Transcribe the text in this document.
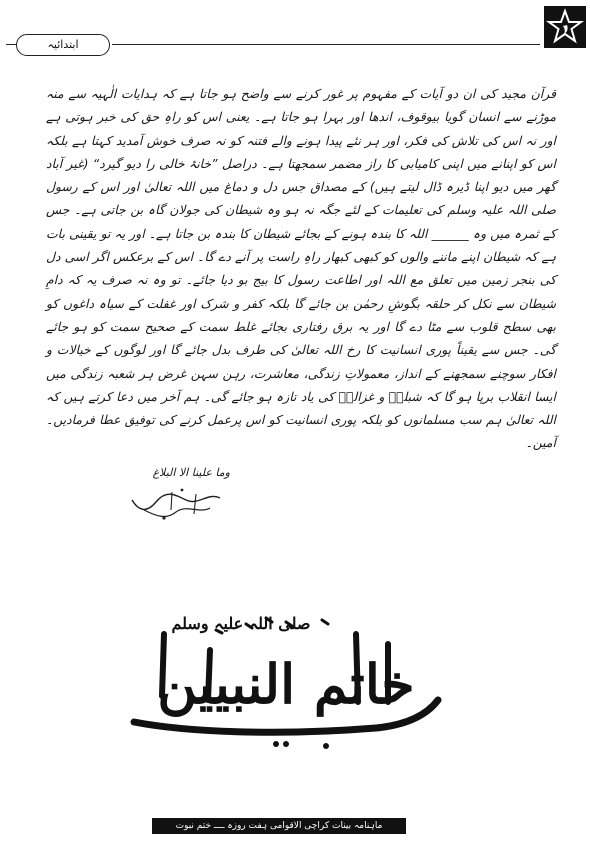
ابتدائیہ

قرآن مجید کی ان دو آیات کے مفہوم پر غور کرنے سے واضح ہو جاتا ہے کہ ہدایات الٰہیہ سے منہ موڑنے سے انسان گویا بیوقوف، اندھا اور بہرا ہو جاتا ہے۔ یعنی اس کو راہِ حق کی خبر ہوتی ہے اور نہ اس کی تلاش کی فکر، اور ہر نئے پیدا ہونے والے فتنہ کو نہ صرف خوش آمدید کہتا ہے بلکہ اس کو اپنانے میں اپنی کامیابی کا راز مضمر سمجھتا ہے۔ دراصل ”خانۂ خالی را دیو گیرد“ (غیر آباد گھر میں دیو اپنا ڈیرہ ڈال لیتے ہیں) کے مصداق جس دل و دماغ میں اللہ تعالیٰ اور اس کے رسول صلی اللہ علیہ وسلم کی تعلیمات کے لئے جگہ نہ ہو وہ شیطان کی جولان گاہ بن جاتی ہے۔ جس کے ثمرہ میں وہ ______ اللہ کا بندہ ہونے کے بجائے شیطان کا بندہ بن جاتا ہے۔ اور یہ تو یقینی بات ہے کہ شیطان اپنے ماننے والوں کو کبھی کبھار راہِ راست پر آنے دے گا۔ اس کے برعکس اگر اسی دل کی بنجر زمین میں تعلق مع اللہ اور اطاعت رسول کا بیج بو دیا جائے۔ تو وہ نہ صرف یہ کہ دامِ شیطان سے نکل کر حلقہ بگوشِ رحمٰن بن جائے گا بلکہ کفر و شرک اور غفلت کے سیاہ داغوں کو بھی سطح قلوب سے مٹا دے گا اور یہ برق رفتاری بجائے غلط سمت کے صحیح سمت کو ہو جائے گی۔ جس سے یقیناً پوری انسانیت کا رخ اللہ تعالیٰ کی طرف بدل جائے گا اور لوگوں کے خیالات و افکار سوچنے سمجھنے کے انداز، معمولاتِ زندگی، معاشرت، رہن سہن غرض ہر شعبہ زندگی میں ایسا انقلاب برپا ہو گا کہ شبلیؒ و غزالیؒ کی یاد تازہ ہو جائے گی۔ ہم آخر میں دعا کرتے ہیں کہ اللہ تعالیٰ ہم سب مسلمانوں کو بلکہ پوری انسانیت کو اس پرعمل کرنے کی توفیق عطا فرمادیں۔ آمین۔

وما علینا الا البلاغ
صلی اللہ علیہ وسلم
خاتم النبیین
ماہنامہ بینات کراچی الاقوامی ہفت روزہ ــــ ختم نبوت
